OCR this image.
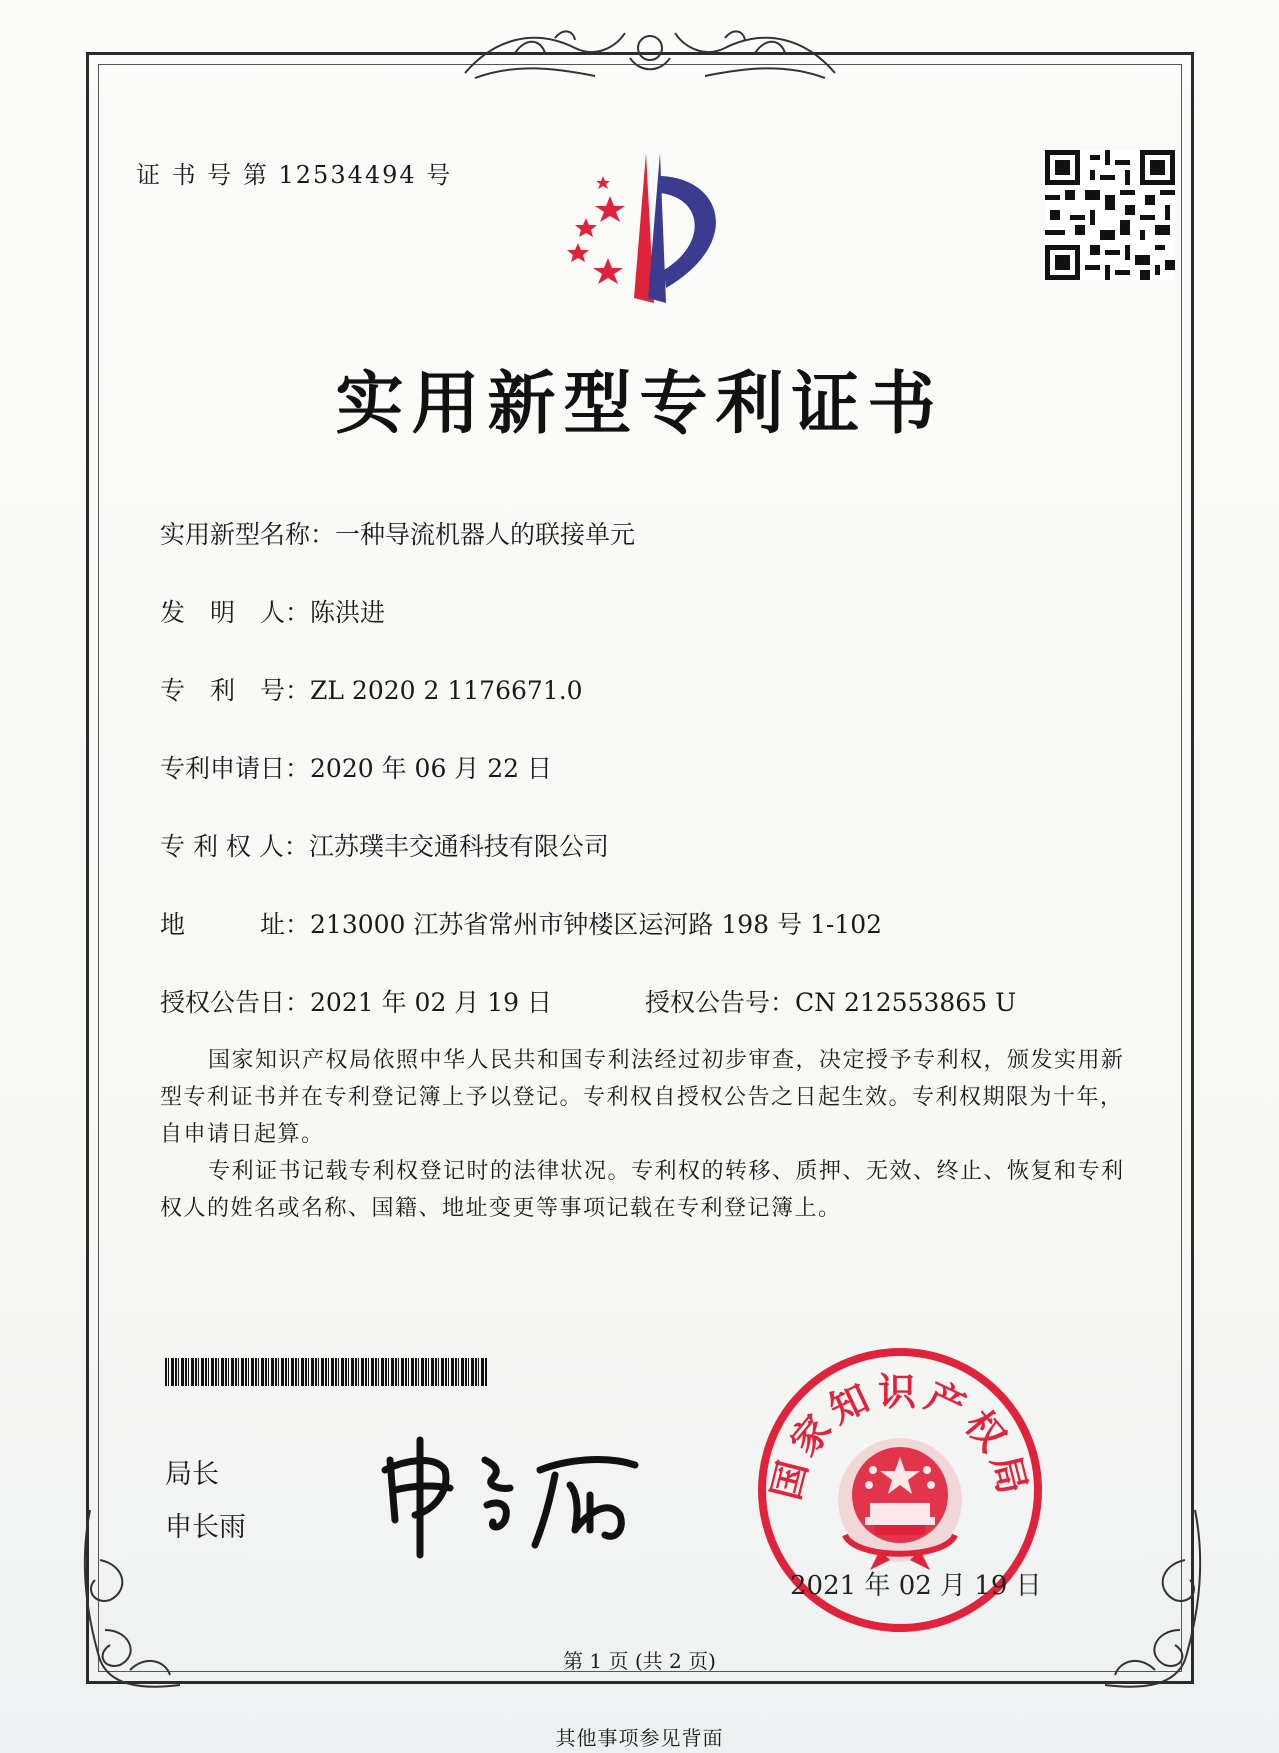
证 书 号 第 12534494 号
实用新型专利证书
实用新型名称：一种导流机器人的联接单元
发　明　人：陈洪进
专　利　号：ZL 2020 2 1176671.0
专利申请日：2020 年 06 月 22 日
专 利 权 人：江苏璞丰交通科技有限公司
地　　　址：213000 江苏省常州市钟楼区运河路 198 号 1-102
授权公告日：2021 年 02 月 19 日	授权公告号：CN 212553865 U
国家知识产权局依照中华人民共和国专利法经过初步审查，决定授予专利权，颁发实用新型专利证书并在专利登记簿上予以登记。专利权自授权公告之日起生效。专利权期限为十年，自申请日起算。
专利证书记载专利权登记时的法律状况。专利权的转移、质押、无效、终止、恢复和专利权人的姓名或名称、国籍、地址变更等事项记载在专利登记簿上。
局长
申长雨
国家知识产权局
2021 年 02 月 19 日
第 1 页 (共 2 页)
其他事项参见背面
